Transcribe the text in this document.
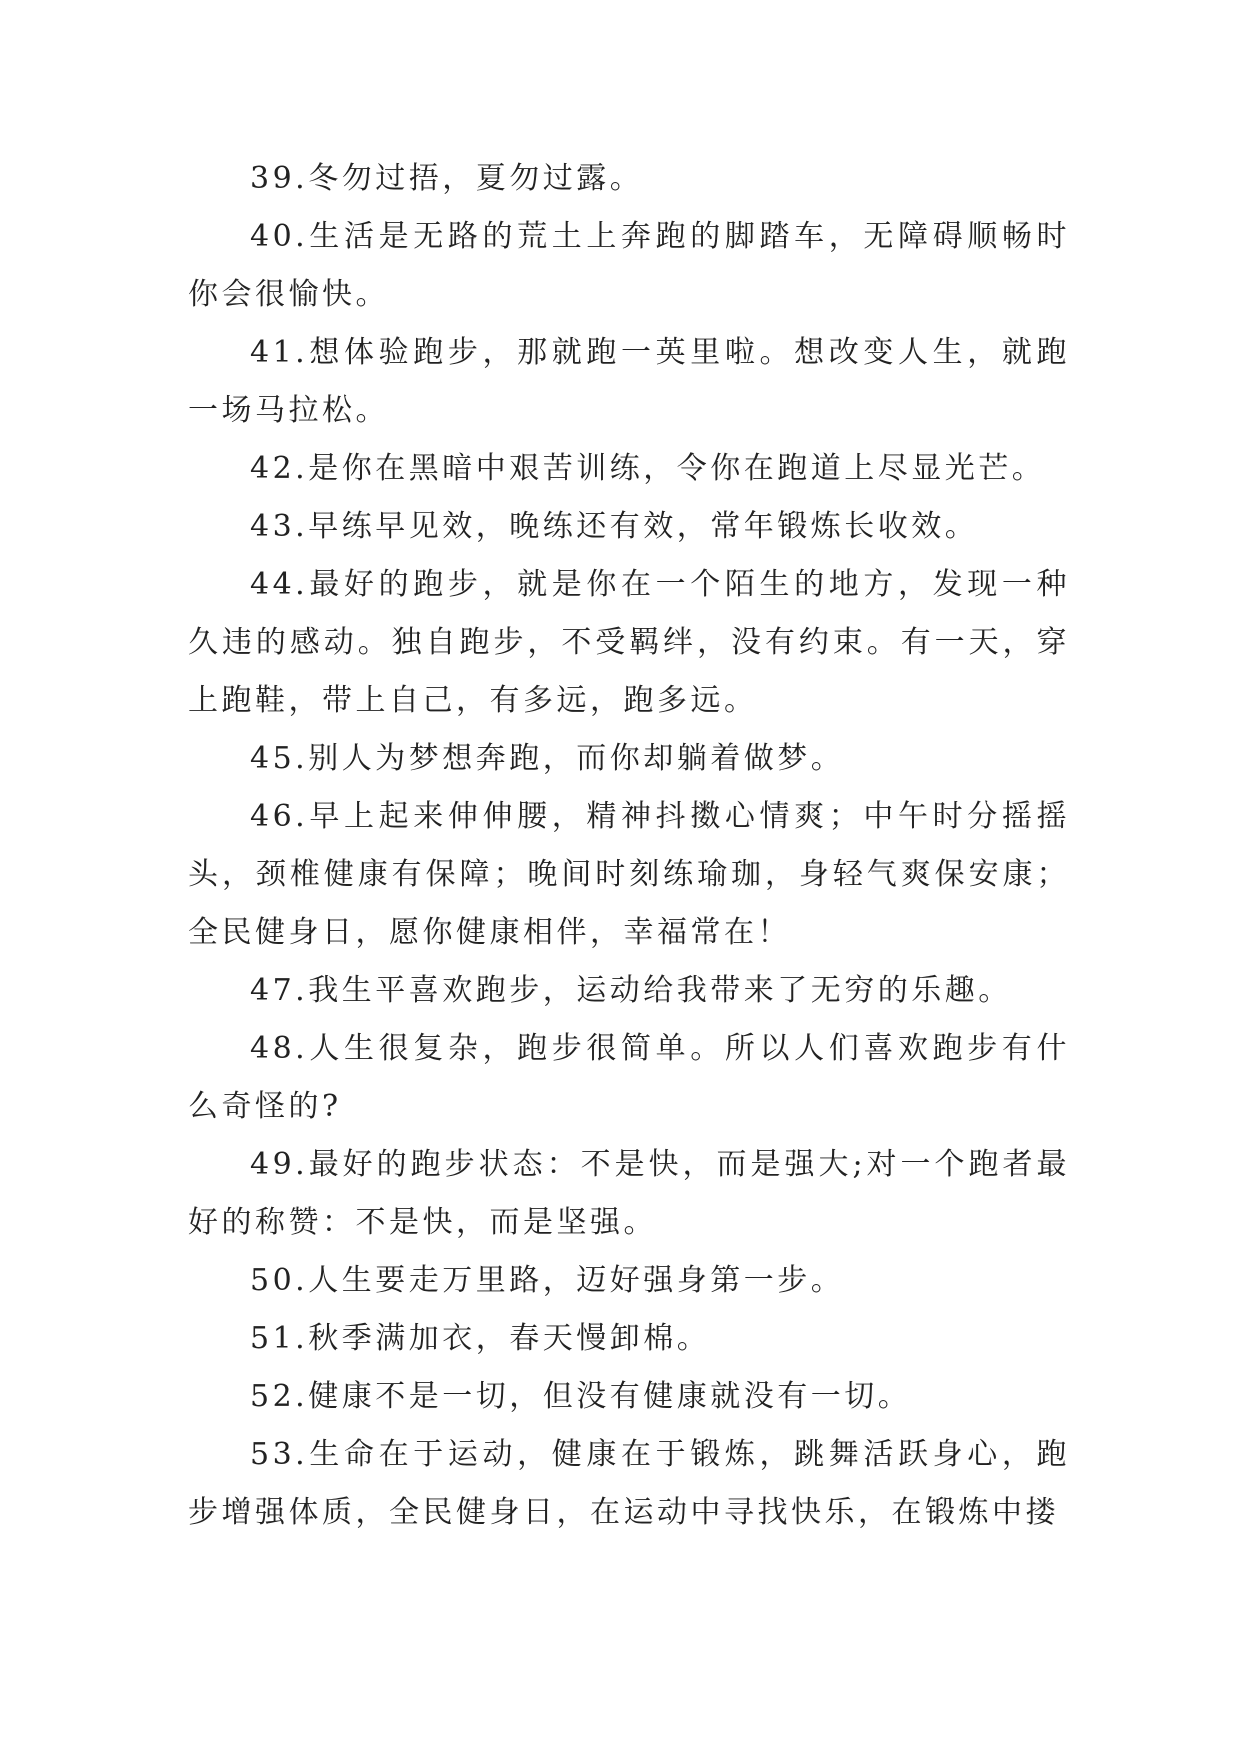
39.冬勿过捂，夏勿过露。

40.生活是无路的荒土上奔跑的脚踏车，无障碍顺畅时你会很愉快。

41.想体验跑步，那就跑一英里啦。想改变人生，就跑一场马拉松。

42.是你在黑暗中艰苦训练，令你在跑道上尽显光芒。

43.早练早见效，晚练还有效，常年锻炼长收效。

44.最好的跑步，就是你在一个陌生的地方，发现一种久违的感动。独自跑步，不受羁绊，没有约束。有一天，穿上跑鞋，带上自己，有多远，跑多远。

45.别人为梦想奔跑，而你却躺着做梦。

46.早上起来伸伸腰，精神抖擞心情爽；中午时分摇摇头，颈椎健康有保障；晚间时刻练瑜珈，身轻气爽保安康；全民健身日，愿你健康相伴，幸福常在！

47.我生平喜欢跑步，运动给我带来了无穷的乐趣。

48.人生很复杂，跑步很简单。所以人们喜欢跑步有什么奇怪的?

49.最好的跑步状态：不是快，而是强大;对一个跑者最好的称赞：不是快，而是坚强。

50.人生要走万里路，迈好强身第一步。

51.秋季满加衣，春天慢卸棉。

52.健康不是一切，但没有健康就没有一切。

53.生命在于运动，健康在于锻炼，跳舞活跃身心，跑步增强体质，全民健身日，在运动中寻找快乐，在锻炼中搂
